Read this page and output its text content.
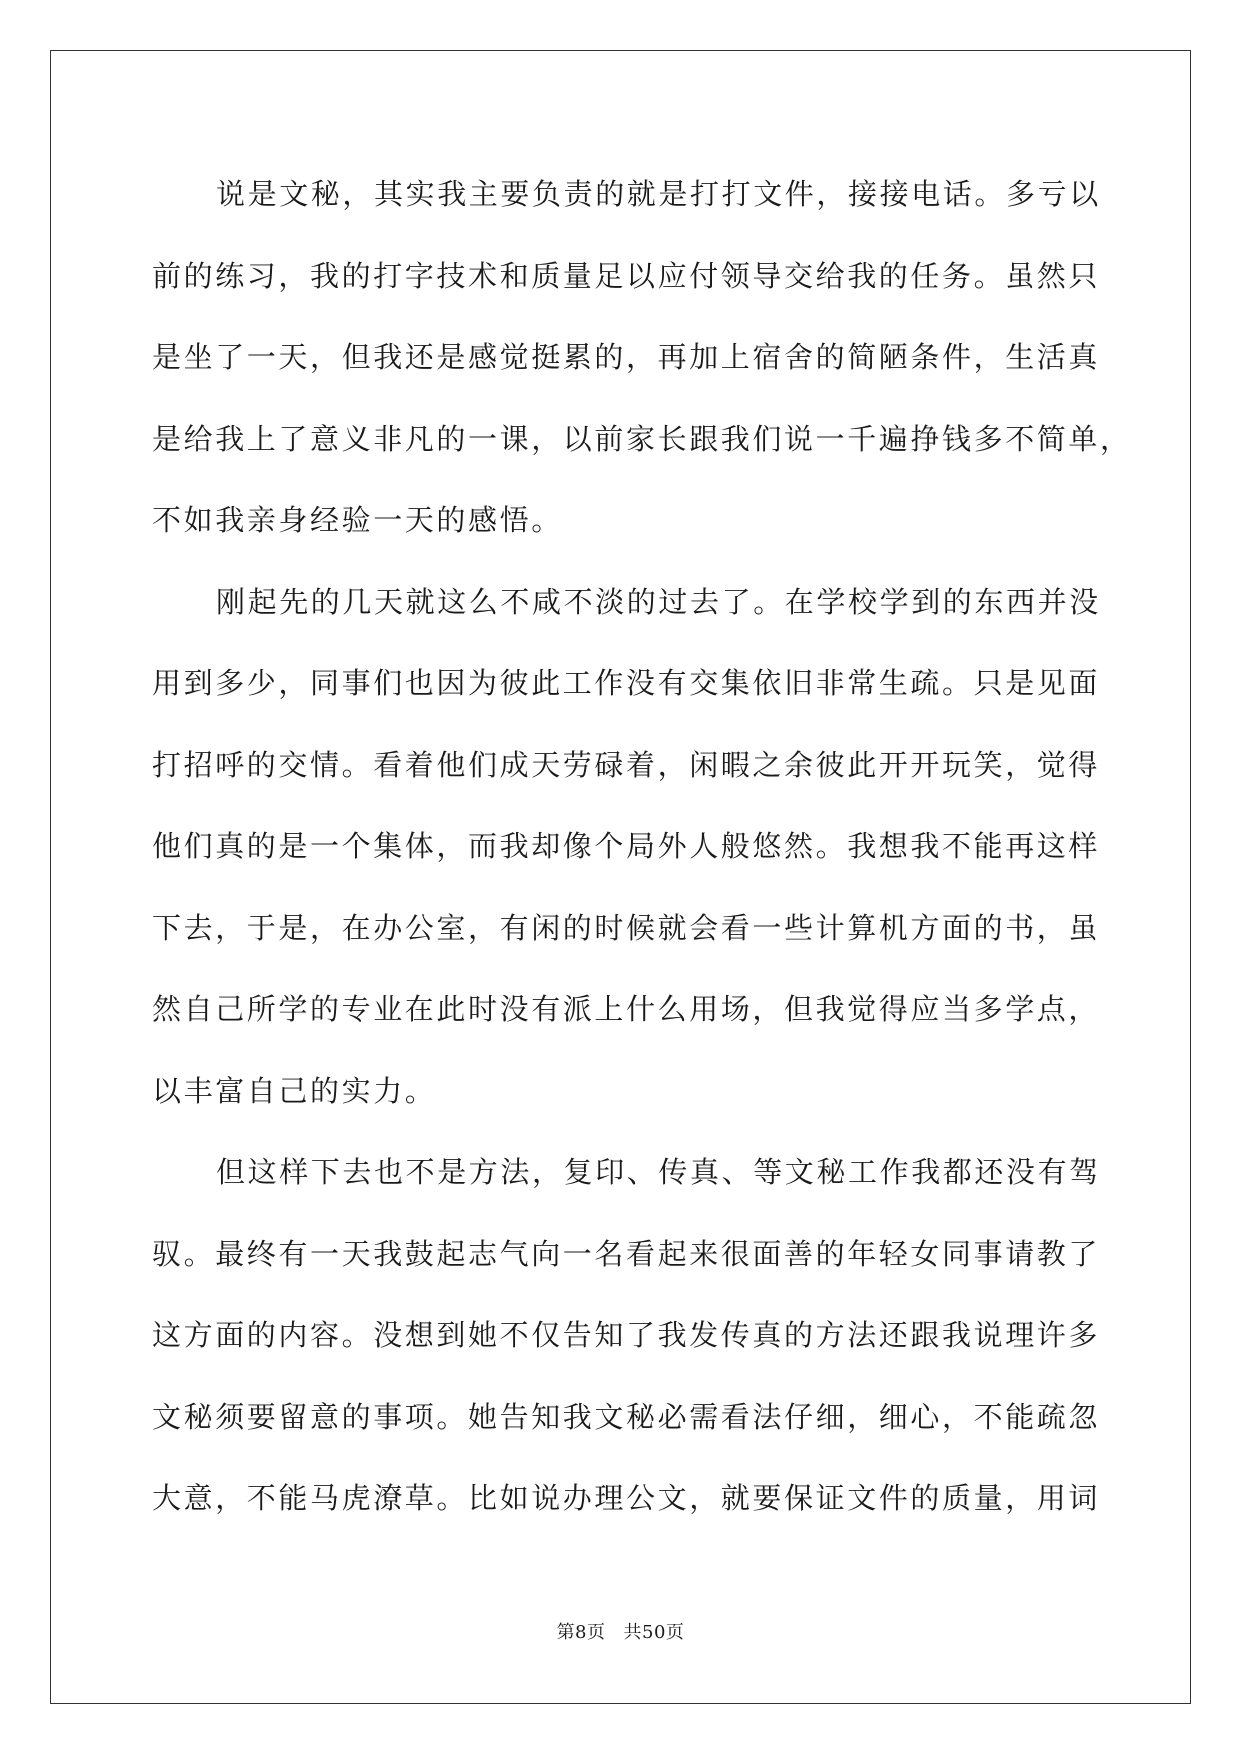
说是文秘，其实我主要负责的就是打打文件，接接电话。多亏以
前的练习，我的打字技术和质量足以应付领导交给我的任务。虽然只
是坐了一天，但我还是感觉挺累的，再加上宿舍的简陋条件，生活真
是给我上了意义非凡的一课，以前家长跟我们说一千遍挣钱多不简单，
不如我亲身经验一天的感悟。
刚起先的几天就这么不咸不淡的过去了。在学校学到的东西并没
用到多少，同事们也因为彼此工作没有交集依旧非常生疏。只是见面
打招呼的交情。看着他们成天劳碌着，闲暇之余彼此开开玩笑，觉得
他们真的是一个集体，而我却像个局外人般悠然。我想我不能再这样
下去，于是，在办公室，有闲的时候就会看一些计算机方面的书，虽
然自己所学的专业在此时没有派上什么用场，但我觉得应当多学点，
以丰富自己的实力。
但这样下去也不是方法，复印、传真、等文秘工作我都还没有驾
驭。最终有一天我鼓起志气向一名看起来很面善的年轻女同事请教了
这方面的内容。没想到她不仅告知了我发传真的方法还跟我说理许多
文秘须要留意的事项。她告知我文秘必需看法仔细，细心，不能疏忽
大意，不能马虎潦草。比如说办理公文，就要保证文件的质量，用词
第8页 共50页
